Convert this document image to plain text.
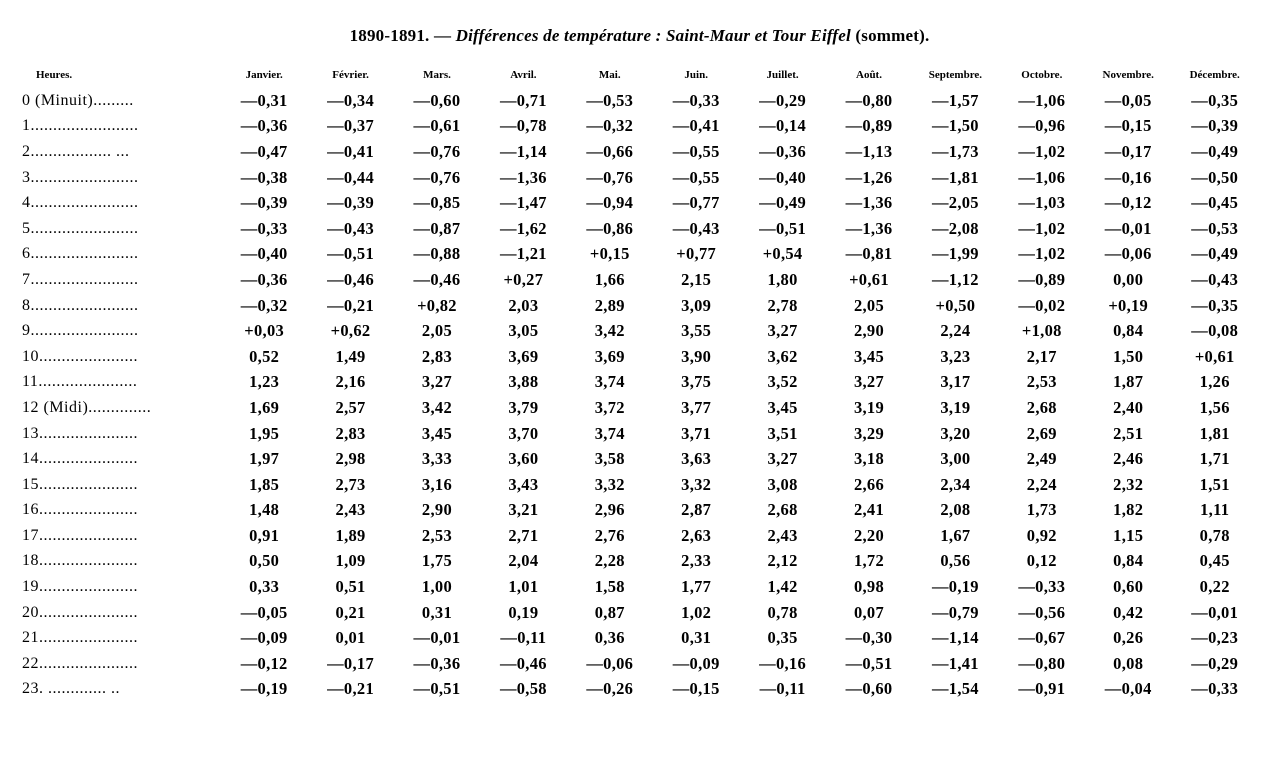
1890-1891. — Différences de température : Saint-Maur et Tour Eiffel (sommet).
Heures.	Janvier.	Février.	Mars.	Avril.	Mai.	Juin.	Juillet.	Août.	Septembre.	Octobre.	Novembre.	Décembre.
0 (Minuit).........	—0,31	—0,34	—0,60	—0,71	—0,53	—0,33	—0,29	—0,80	—1,57	—1,06	—0,05	—0,35
1........................	—0,36	—0,37	—0,61	—0,78	—0,32	—0,41	—0,14	—0,89	—1,50	—0,96	—0,15	—0,39
2.................. ...	—0,47	—0,41	—0,76	—1,14	—0,66	—0,55	—0,36	—1,13	—1,73	—1,02	—0,17	—0,49
3........................	—0,38	—0,44	—0,76	—1,36	—0,76	—0,55	—0,40	—1,26	—1,81	—1,06	—0,16	—0,50
4........................	—0,39	—0,39	—0,85	—1,47	—0,94	—0,77	—0,49	—1,36	—2,05	—1,03	—0,12	—0,45
5........................	—0,33	—0,43	—0,87	—1,62	—0,86	—0,43	—0,51	—1,36	—2,08	—1,02	—0,01	—0,53
6........................	—0,40	—0,51	—0,88	—1,21	+0,15	+0,77	+0,54	—0,81	—1,99	—1,02	—0,06	—0,49
7........................	—0,36	—0,46	—0,46	+0,27	1,66	2,15	1,80	+0,61	—1,12	—0,89	0,00	—0,43
8........................	—0,32	—0,21	+0,82	2,03	2,89	3,09	2,78	2,05	+0,50	—0,02	+0,19	—0,35
9........................	+0,03	+0,62	2,05	3,05	3,42	3,55	3,27	2,90	2,24	+1,08	0,84	—0,08
10......................	0,52	1,49	2,83	3,69	3,69	3,90	3,62	3,45	3,23	2,17	1,50	+0,61
11......................	1,23	2,16	3,27	3,88	3,74	3,75	3,52	3,27	3,17	2,53	1,87	1,26
12 (Midi)..............	1,69	2,57	3,42	3,79	3,72	3,77	3,45	3,19	3,19	2,68	2,40	1,56
13......................	1,95	2,83	3,45	3,70	3,74	3,71	3,51	3,29	3,20	2,69	2,51	1,81
14......................	1,97	2,98	3,33	3,60	3,58	3,63	3,27	3,18	3,00	2,49	2,46	1,71
15......................	1,85	2,73	3,16	3,43	3,32	3,32	3,08	2,66	2,34	2,24	2,32	1,51
16......................	1,48	2,43	2,90	3,21	2,96	2,87	2,68	2,41	2,08	1,73	1,82	1,11
17......................	0,91	1,89	2,53	2,71	2,76	2,63	2,43	2,20	1,67	0,92	1,15	0,78
18......................	0,50	1,09	1,75	2,04	2,28	2,33	2,12	1,72	0,56	0,12	0,84	0,45
19......................	0,33	0,51	1,00	1,01	1,58	1,77	1,42	0,98	—0,19	—0,33	0,60	0,22
20......................	—0,05	0,21	0,31	0,19	0,87	1,02	0,78	0,07	—0,79	—0,56	0,42	—0,01
21......................	—0,09	0,01	—0,01	—0,11	0,36	0,31	0,35	—0,30	—1,14	—0,67	0,26	—0,23
22......................	—0,12	—0,17	—0,36	—0,46	—0,06	—0,09	—0,16	—0,51	—1,41	—0,80	0,08	—0,29
23. ............. ..	—0,19	—0,21	—0,51	—0,58	—0,26	—0,15	—0,11	—0,60	—1,54	—0,91	—0,04	—0,33
